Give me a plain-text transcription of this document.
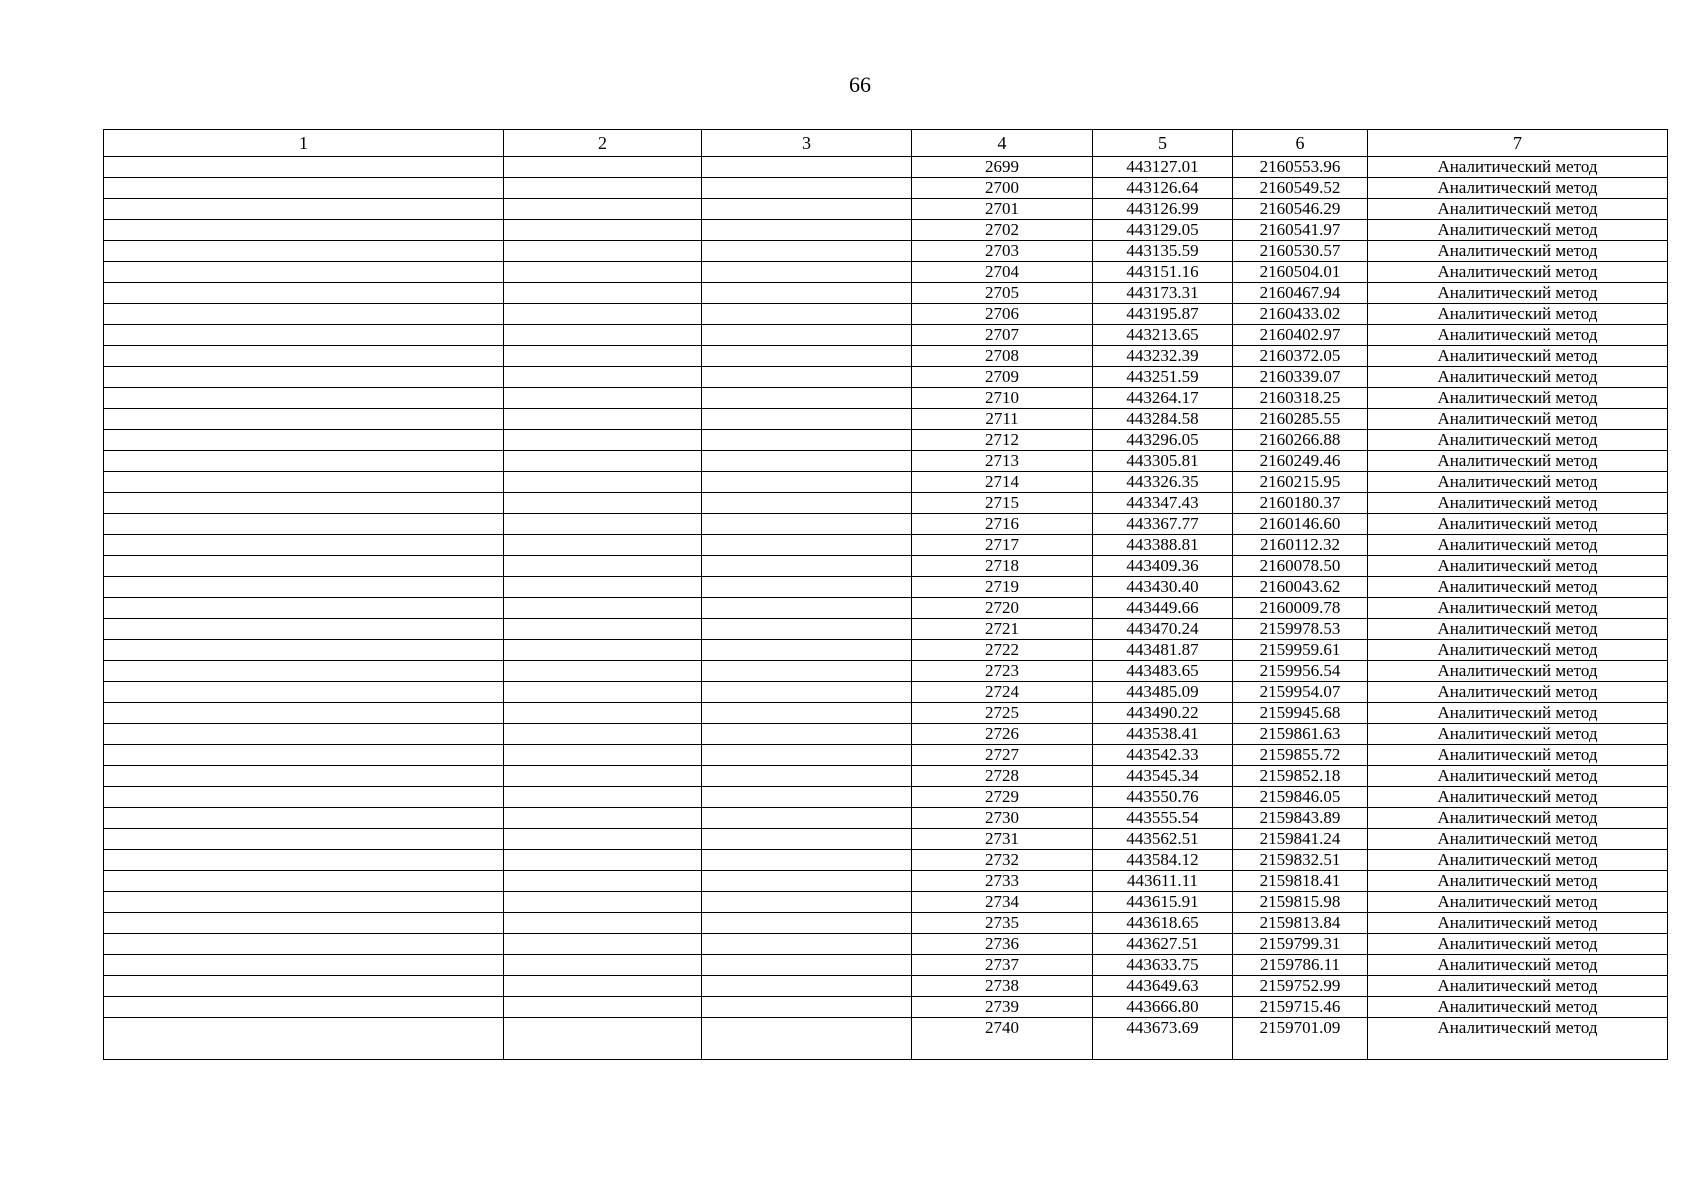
66
1	2	3	4	5	6	7
			2699	443127.01	2160553.96	Аналитический метод
			2700	443126.64	2160549.52	Аналитический метод
			2701	443126.99	2160546.29	Аналитический метод
			2702	443129.05	2160541.97	Аналитический метод
			2703	443135.59	2160530.57	Аналитический метод
			2704	443151.16	2160504.01	Аналитический метод
			2705	443173.31	2160467.94	Аналитический метод
			2706	443195.87	2160433.02	Аналитический метод
			2707	443213.65	2160402.97	Аналитический метод
			2708	443232.39	2160372.05	Аналитический метод
			2709	443251.59	2160339.07	Аналитический метод
			2710	443264.17	2160318.25	Аналитический метод
			2711	443284.58	2160285.55	Аналитический метод
			2712	443296.05	2160266.88	Аналитический метод
			2713	443305.81	2160249.46	Аналитический метод
			2714	443326.35	2160215.95	Аналитический метод
			2715	443347.43	2160180.37	Аналитический метод
			2716	443367.77	2160146.60	Аналитический метод
			2717	443388.81	2160112.32	Аналитический метод
			2718	443409.36	2160078.50	Аналитический метод
			2719	443430.40	2160043.62	Аналитический метод
			2720	443449.66	2160009.78	Аналитический метод
			2721	443470.24	2159978.53	Аналитический метод
			2722	443481.87	2159959.61	Аналитический метод
			2723	443483.65	2159956.54	Аналитический метод
			2724	443485.09	2159954.07	Аналитический метод
			2725	443490.22	2159945.68	Аналитический метод
			2726	443538.41	2159861.63	Аналитический метод
			2727	443542.33	2159855.72	Аналитический метод
			2728	443545.34	2159852.18	Аналитический метод
			2729	443550.76	2159846.05	Аналитический метод
			2730	443555.54	2159843.89	Аналитический метод
			2731	443562.51	2159841.24	Аналитический метод
			2732	443584.12	2159832.51	Аналитический метод
			2733	443611.11	2159818.41	Аналитический метод
			2734	443615.91	2159815.98	Аналитический метод
			2735	443618.65	2159813.84	Аналитический метод
			2736	443627.51	2159799.31	Аналитический метод
			2737	443633.75	2159786.11	Аналитический метод
			2738	443649.63	2159752.99	Аналитический метод
			2739	443666.80	2159715.46	Аналитический метод
			2740	443673.69	2159701.09	Аналитический метод
